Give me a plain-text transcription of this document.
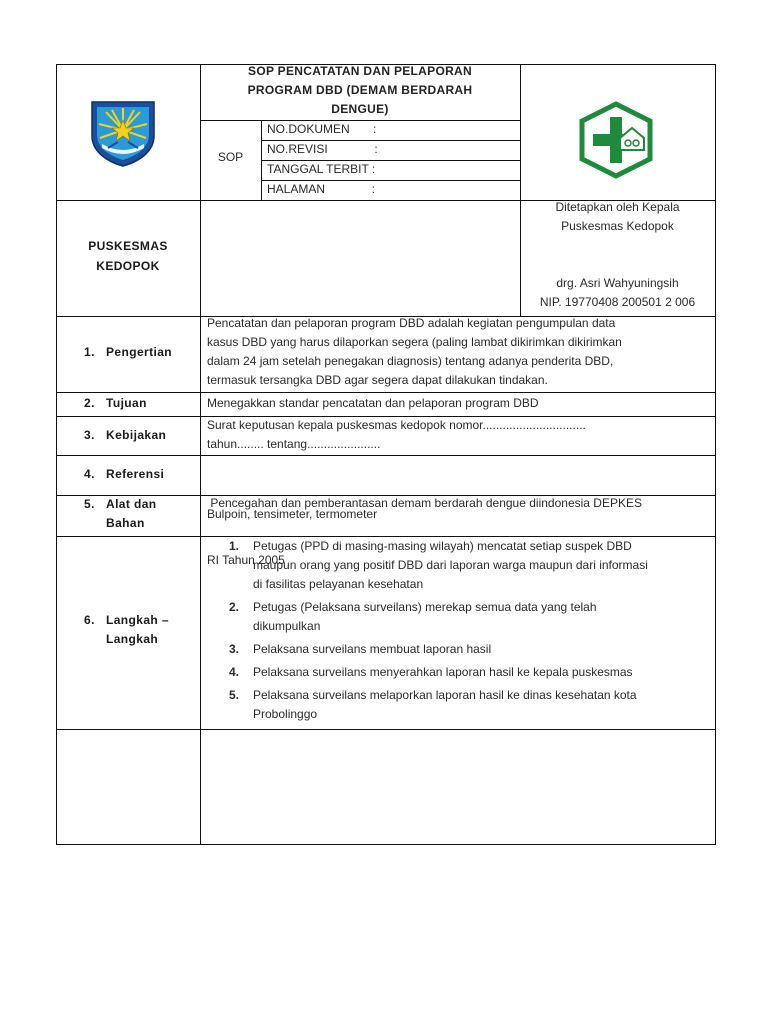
SOP PENCATATAN DAN PELAPORAN
PROGRAM DBD (DEMAM BERDARAH
DENGUE)
SOP
NO.DOKUMEN       :
NO.REVISI              :
TANGGAL TERBIT :
HALAMAN              :
PUSKESMAS
KEDOPOK
Ditetapkan oleh Kepala
Puskesmas Kedopok
drg. Asri Wahyuningsih
NIP. 19770408 200501 2 006
1. Pengertian
Pencatatan dan pelaporan program DBD adalah kegiatan pengumpulan data
kasus DBD yang harus dilaporkan segera (paling lambat dikirimkan dikirimkan
dalam 24 jam setelah penegakan diagnosis) tentang adanya penderita DBD,
termasuk tersangka DBD agar segera dapat dilakukan tindakan.
2. Tujuan	Menegakkan standar pencatatan dan pelaporan program DBD
3. Kebijakan
Surat keputusan kepala puskesmas kedopok nomor...............................
tahun........ tentang......................
4. Referensi

Pencegahan dan pemberantasan demam berdarah dengue diindonesia DEPKES

RI Tahun 2005

5. Alat dan
Bahan
Bulpoin, tensimeter, termometer
6. Langkah –
Langkah
1. Petugas (PPD di masing-masing wilayah) mencatat setiap suspek DBD
maupun orang yang positif DBD dari laporan warga maupun dari informasi
di fasilitas pelayanan kesehatan
2. Petugas (Pelaksana surveilans) merekap semua data yang telah
dikumpulkan
3. Pelaksana surveilans membuat laporan hasil
4. Pelaksana surveilans menyerahkan laporan hasil ke kepala puskesmas
5. Pelaksana surveilans melaporkan laporan hasil ke dinas kesehatan kota
Probolinggo
